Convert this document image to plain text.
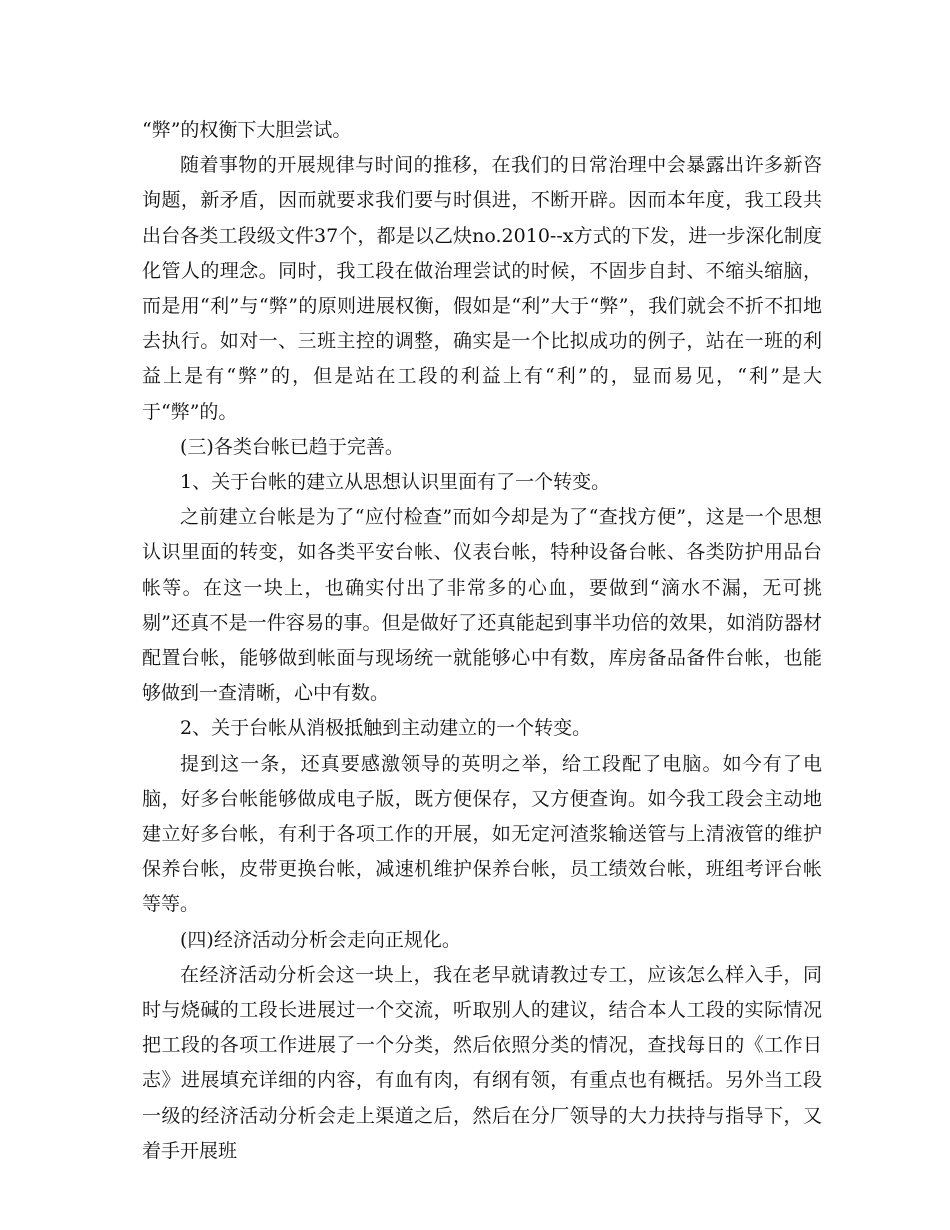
“弊”的权衡下大胆尝试。

随着事物的开展规律与时间的推移，在我们的日常治理中会暴露出许多新咨询题，新矛盾，因而就要求我们要与时俱进，不断开辟。因而本年度，我工段共出台各类工段级文件37个，都是以乙炔no.2010--x方式的下发，进一步深化制度化管人的理念。同时，我工段在做治理尝试的时候，不固步自封、不缩头缩脑，而是用“利”与“弊”的原则进展权衡，假如是“利”大于“弊”，我们就会不折不扣地去执行。如对一、三班主控的调整，确实是一个比拟成功的例子，站在一班的利益上是有“弊”的，但是站在工段的利益上有“利”的，显而易见，“利”是大于“弊”的。

(三)各类台帐已趋于完善。

1、关于台帐的建立从思想认识里面有了一个转变。

之前建立台帐是为了“应付检查”而如今却是为了“查找方便”，这是一个思想认识里面的转变，如各类平安台帐、仪表台帐，特种设备台帐、各类防护用品台帐等。在这一块上，也确实付出了非常多的心血，要做到“滴水不漏，无可挑剔”还真不是一件容易的事。但是做好了还真能起到事半功倍的效果，如消防器材配置台帐，能够做到帐面与现场统一就能够心中有数，库房备品备件台帐，也能够做到一查清晰，心中有数。

2、关于台帐从消极抵触到主动建立的一个转变。

提到这一条，还真要感激领导的英明之举，给工段配了电脑。如今有了电脑，好多台帐能够做成电子版，既方便保存，又方便查询。如今我工段会主动地建立好多台帐，有利于各项工作的开展，如无定河渣浆输送管与上清液管的维护保养台帐，皮带更换台帐，减速机维护保养台帐，员工绩效台帐，班组考评台帐等等。

(四)经济活动分析会走向正规化。

在经济活动分析会这一块上，我在老早就请教过专工，应该怎么样入手，同时与烧碱的工段长进展过一个交流，听取别人的建议，结合本人工段的实际情况把工段的各项工作进展了一个分类，然后依照分类的情况，查找每日的《工作日志》进展填充详细的内容，有血有肉，有纲有领，有重点也有概括。另外当工段一级的经济活动分析会走上渠道之后，然后在分厂领导的大力扶持与指导下，又着手开展班
